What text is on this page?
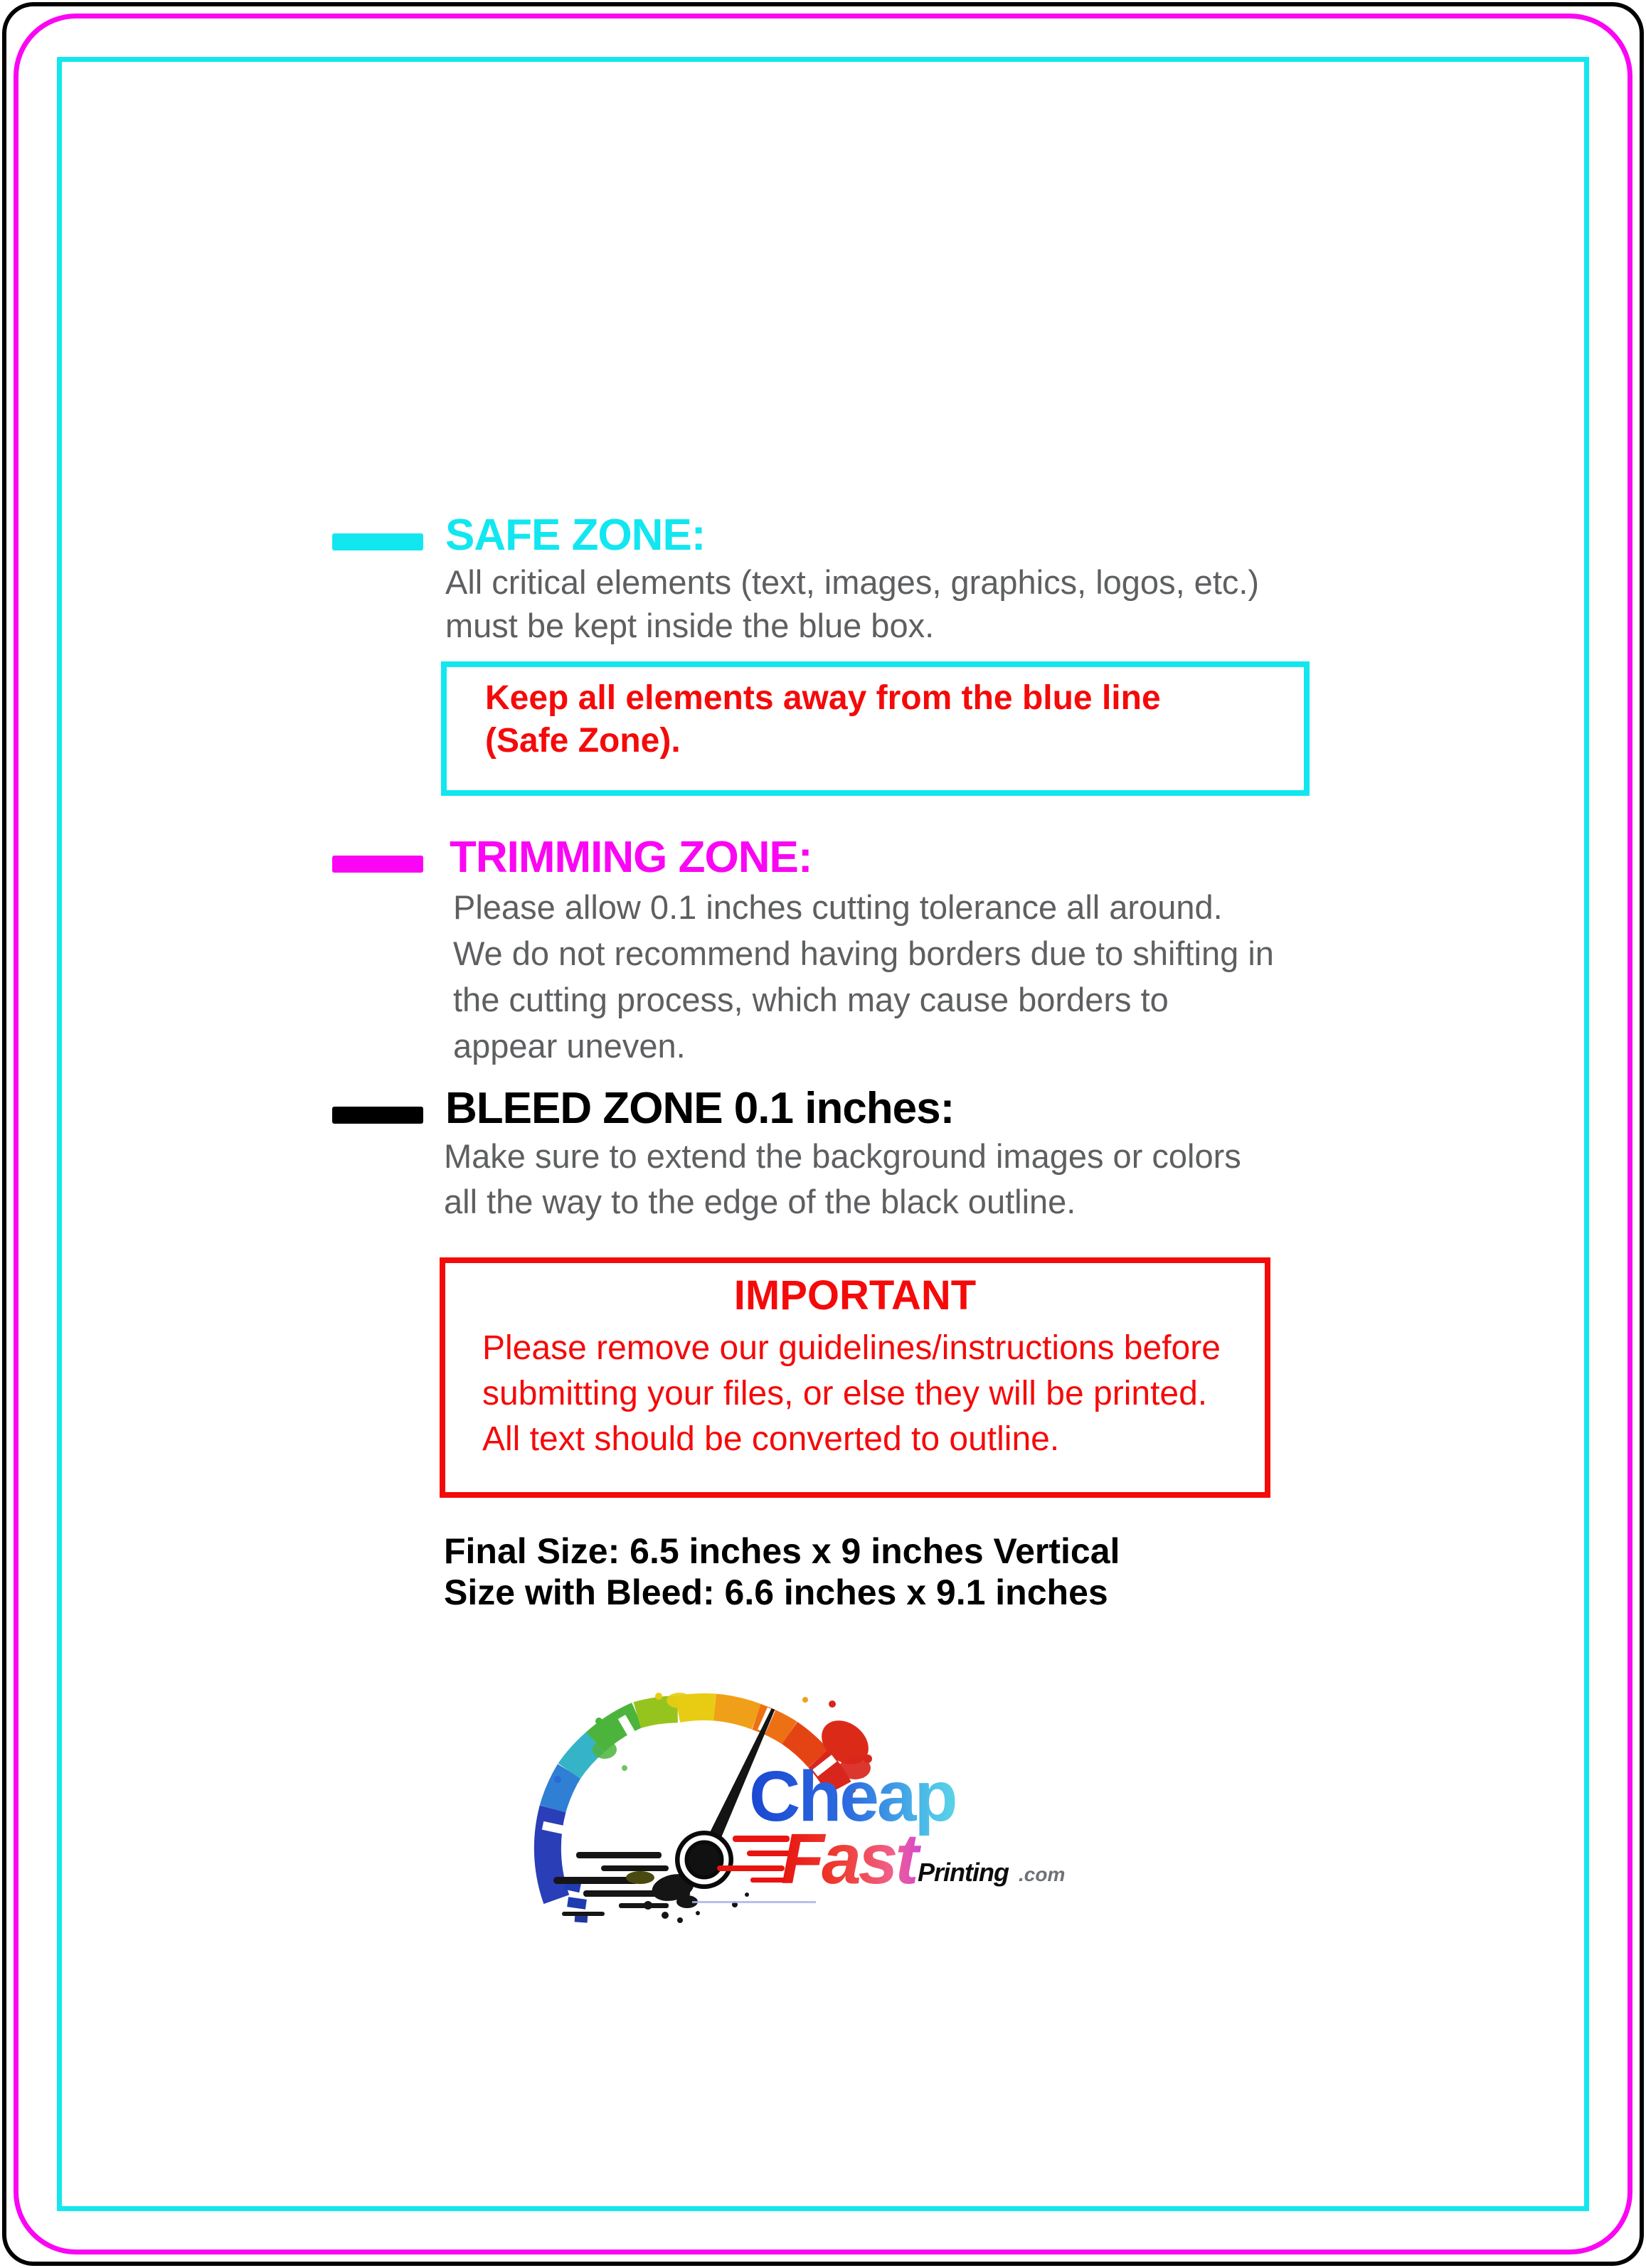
SAFE ZONE:
All critical elements (text, images, graphics, logos, etc.)
must be kept inside the blue box.
Keep all elements away from the blue line
(Safe Zone).
TRIMMING ZONE:
Please allow 0.1 inches cutting tolerance all around.
We do not recommend having borders due to shifting in
the cutting process, which may cause borders to
appear uneven.
BLEED ZONE 0.1 inches:
Make sure to extend the background images or colors
all the way to the edge of the black outline.
IMPORTANT
Please remove our guidelines/instructions before
submitting your files, or else they will be printed.
All text should be converted to outline.
Final Size: 6.5 inches x 9 inches Vertical
Size with Bleed: 6.6 inches x 9.1 inches
Cheap
Fast Printing .com
